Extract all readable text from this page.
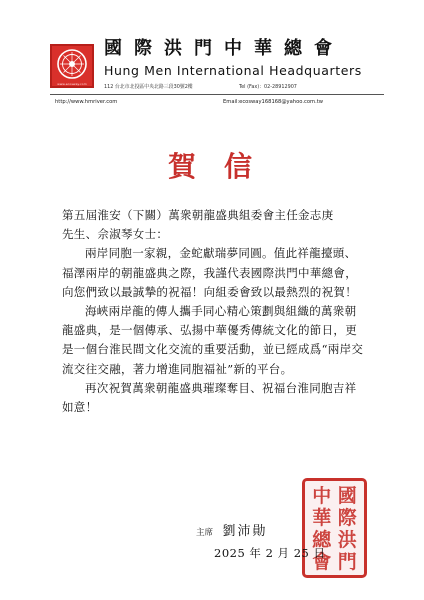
www.ecosway.com
國際洪門中華總會
Hung Men International Headquarters
112 台北市北投區中央北路三段30號2樓	Tel (Fax)：02-28912907
http://www.hmriver.com	Email:ecosway168168@yahoo.com.tw
賀信

第五屆淮安（下關）萬衆朝龍盛典組委會主任金志庚

先生、佘淑琴女士：

兩岸同胞一家親，金蛇獻瑞夢同圓。值此祥龍擡頭、福澤兩岸的朝龍盛典之際，我謹代表國際洪門中華總會，向您們致以最誠摯的祝福！向組委會致以最熱烈的祝賀！

海峽兩岸龍的傳人攜手同心精心策劃與組織的萬衆朝龍盛典，是一個傳承、弘揚中華優秀傳統文化的節日，更是一個台淮民間文化交流的重要活動，並已經成爲“兩岸交流交往交融，著力增進同胞福祉”新的平台。

再次祝賀萬衆朝龍盛典璀璨奪目、祝福台淮同胞吉祥如意！

國
際
洪
門
中
華
總
會
主席 劉沛勛
2025 年 2 月 25 日
